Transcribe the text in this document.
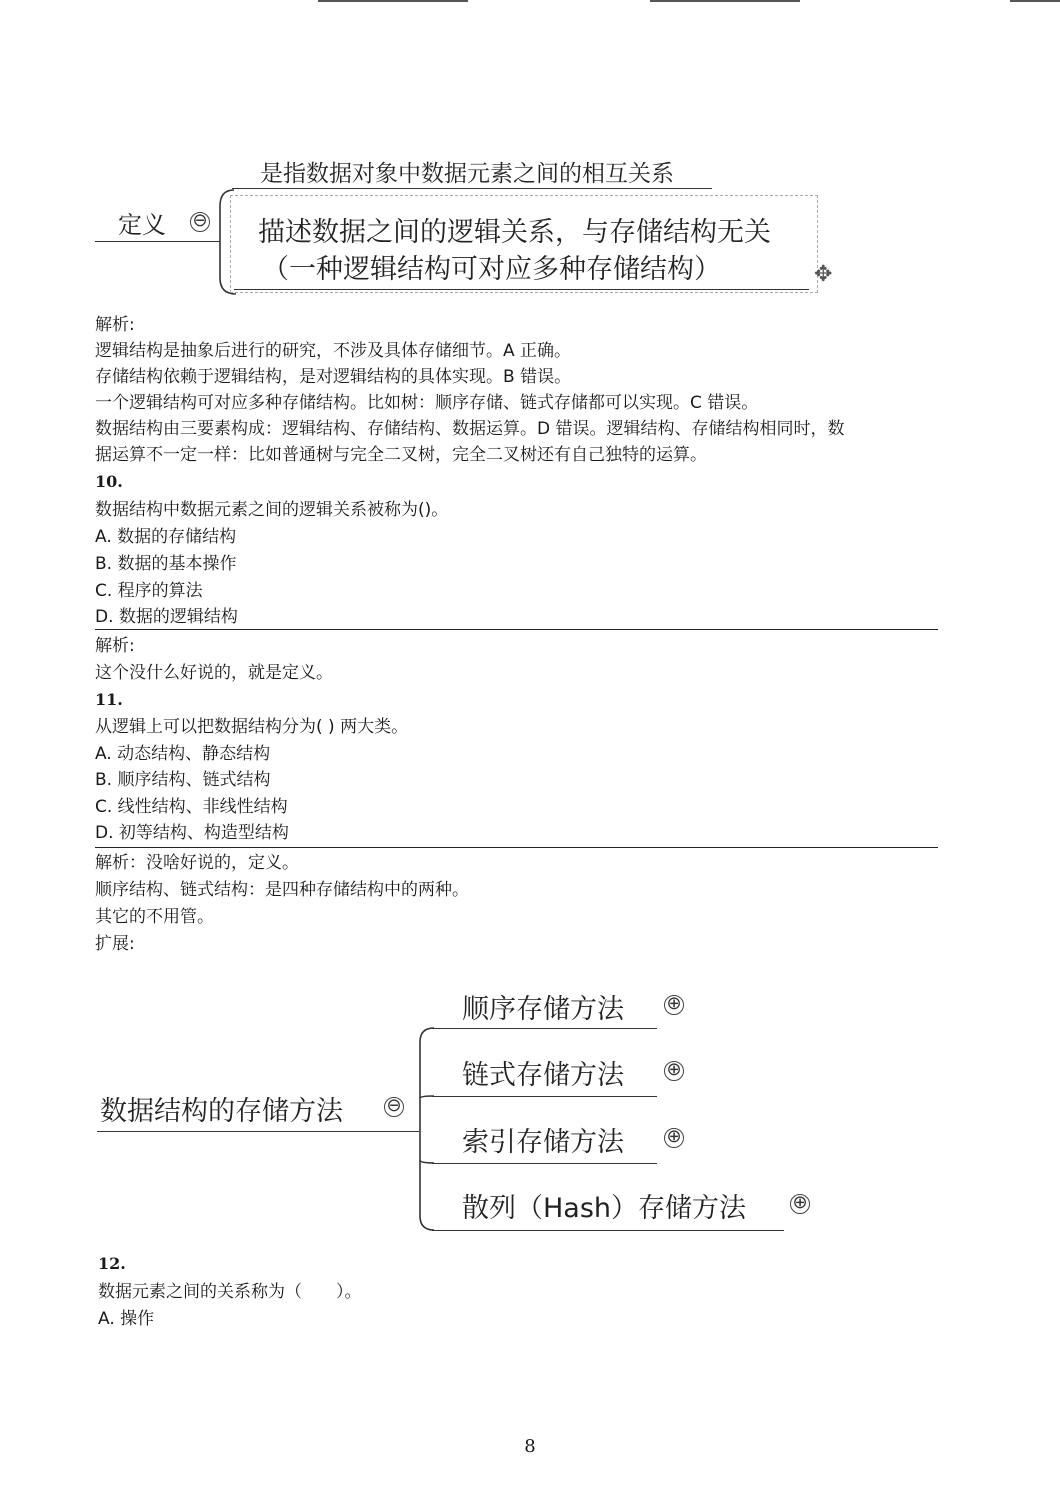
是指数据对象中数据元素之间的相互关系
定义 ⊖ 描述数据之间的逻辑关系，与存储结构无关
（一种逻辑结构可对应多种存储结构）	✥
解析:
逻辑结构是抽象后进行的研究，不涉及具体存储细节。A 正确。
存储结构依赖于逻辑结构，是对逻辑结构的具体实现。B 错误。
一个逻辑结构可对应多种存储结构。比如树：顺序存储、链式存储都可以实现。C 错误。
数据结构由三要素构成：逻辑结构、存储结构、数据运算。D 错误。逻辑结构、存储结构相同时，数
据运算不一定一样：比如普通树与完全二叉树，完全二叉树还有自己独特的运算。
10.
数据结构中数据元素之间的逻辑关系被称为()。
A. 数据的存储结构
B. 数据的基本操作
C. 程序的算法
D. 数据的逻辑结构
解析:
这个没什么好说的，就是定义。
11.
从逻辑上可以把数据结构分为( ) 两大类。
A. 动态结构、静态结构
B. 顺序结构、链式结构
C. 线性结构、非线性结构
D. 初等结构、构造型结构
解析：没啥好说的，定义。
顺序结构、链式结构：是四种存储结构中的两种。
其它的不用管。
扩展:
数据结构的存储方法 ⊖
顺序存储方法 ⊕
链式存储方法 ⊕
索引存储方法 ⊕
散列（Hash）存储方法	⊕
12.
数据元素之间的关系称为（　　）。
A. 操作
8
